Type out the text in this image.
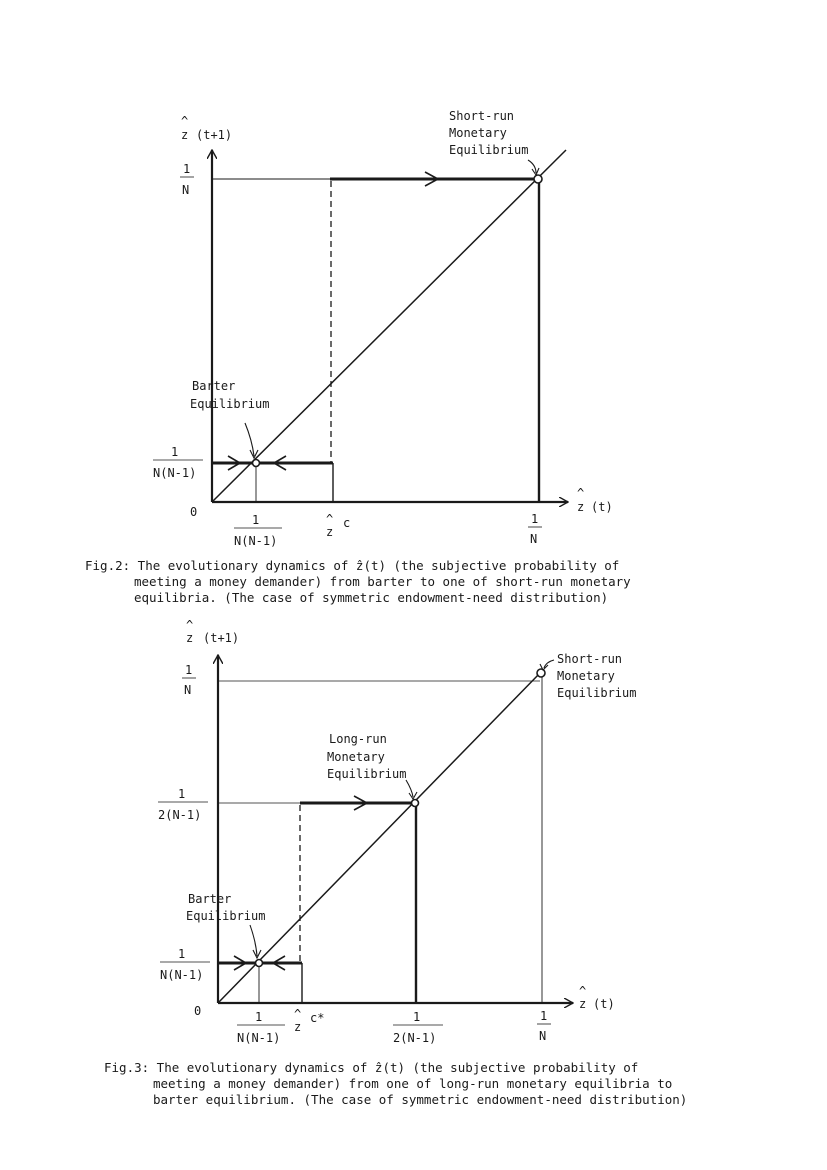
^
z (t+1)
^
z (t)
0
1
N
1
N(N-1)
1
N(N-1)
^
z
c	1
N
Short-run
Monetary
Equilibrium
Barter
Equilibrium
Fig.2: The evolutionary dynamics of ẑ(t) (the subjective probability of
meeting a money demander) from barter to one of short-run monetary
equilibria. (The case of symmetric endowment-need distribution)
^
z (t+1)
^
z (t)
0
1
N
1
2(N-1)
1
N(N-1)
1
N(N-1)
^
z
c*	1
2(N-1)
1
N
Short-run
Monetary
Equilibrium
Long-run
Monetary
Equilibrium
Barter
Equilibrium
Fig.3: The evolutionary dynamics of ẑ(t) (the subjective probability of
meeting a money demander) from one of long-run monetary equilibria to
barter equilibrium. (The case of symmetric endowment-need distribution)
